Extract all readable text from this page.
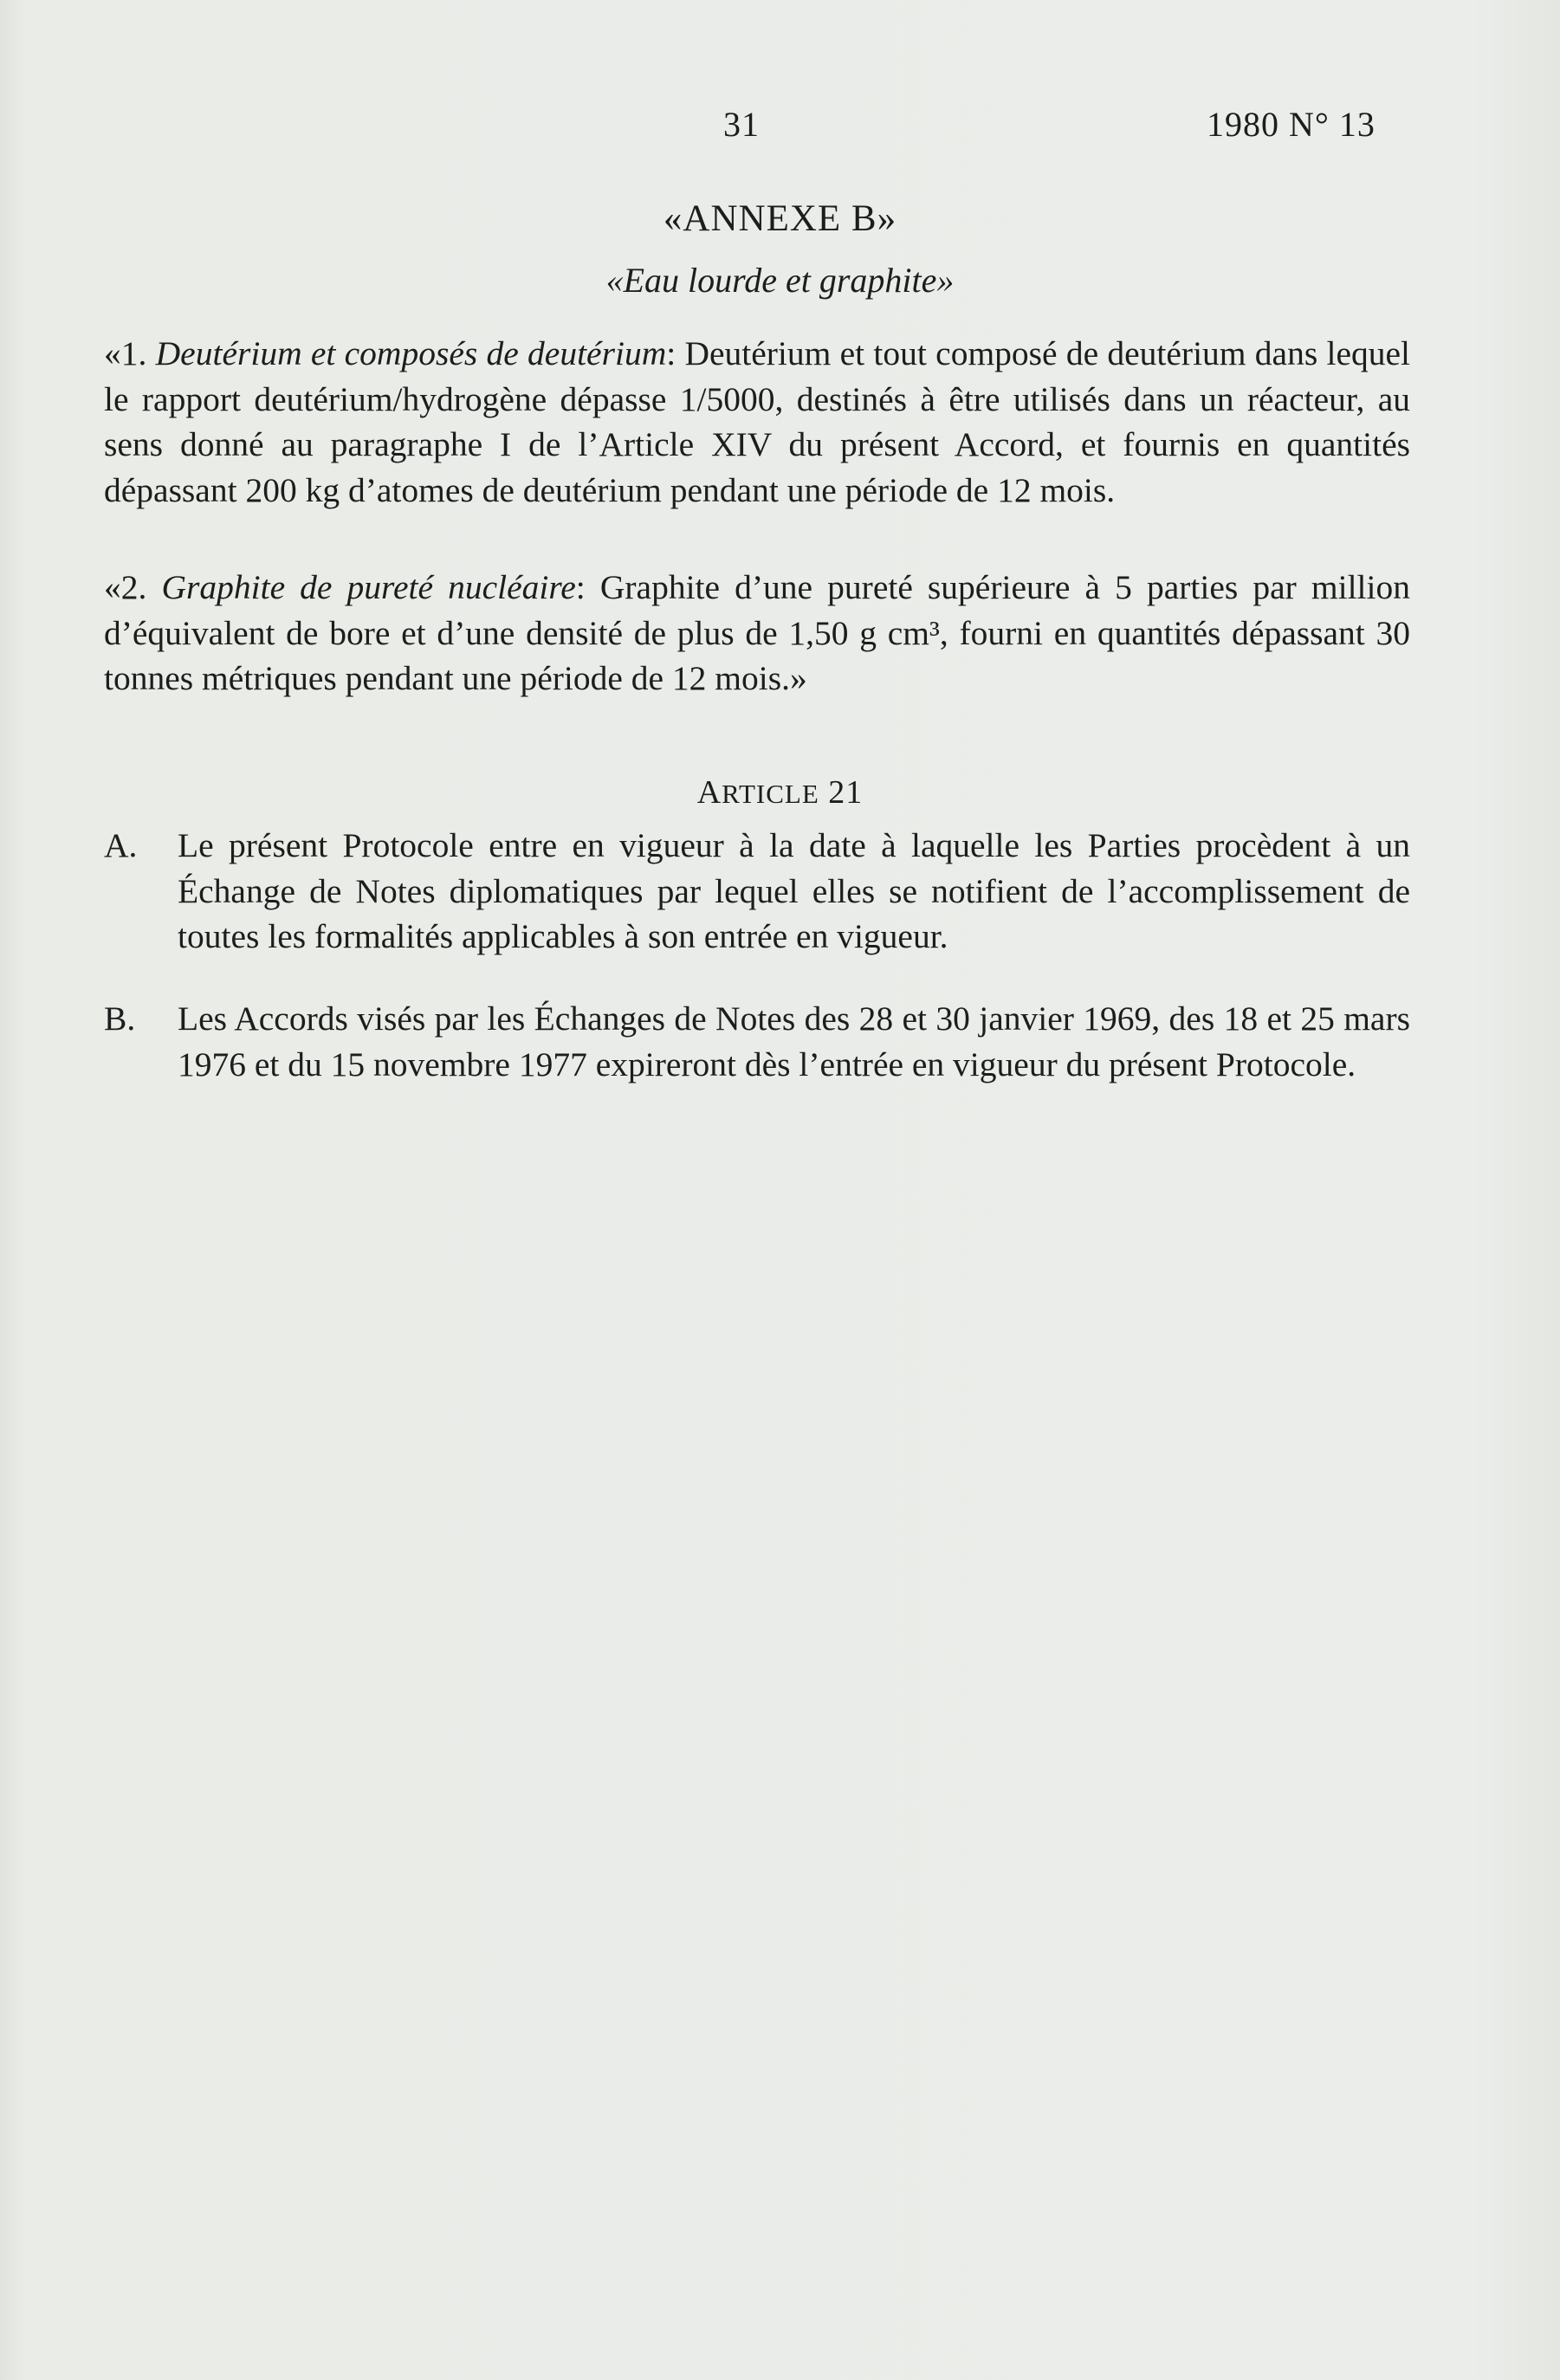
31	1980 N° 13
«ANNEXE B»
«Eau lourde et graphite»
«1. Deutérium et composés de deutérium: Deutérium et tout composé de deutérium dans lequel le rapport deutérium/hydrogène dépasse 1/5000, destinés à être utilisés dans un réacteur, au sens donné au paragraphe I de l’Article XIV du présent Accord, et fournis en quantités dépassant 200 kg d’atomes de deutérium pendant une période de 12 mois.
«2. Graphite de pureté nucléaire: Graphite d’une pureté supérieure à 5 parties par million d’équivalent de bore et d’une densité de plus de 1,50 g cm³, fourni en quantités dépassant 30 tonnes métriques pendant une période de 12 mois.»
ARTICLE 21
A. Le présent Protocole entre en vigueur à la date à laquelle les Parties procèdent à un Échange de Notes diplomatiques par lequel elles se notifient de l’accomplissement de toutes les formalités applicables à son entrée en vigueur.
B. Les Accords visés par les Échanges de Notes des 28 et 30 janvier 1969, des 18 et 25 mars 1976 et du 15 novembre 1977 expireront dès l’entrée en vigueur du présent Protocole.
